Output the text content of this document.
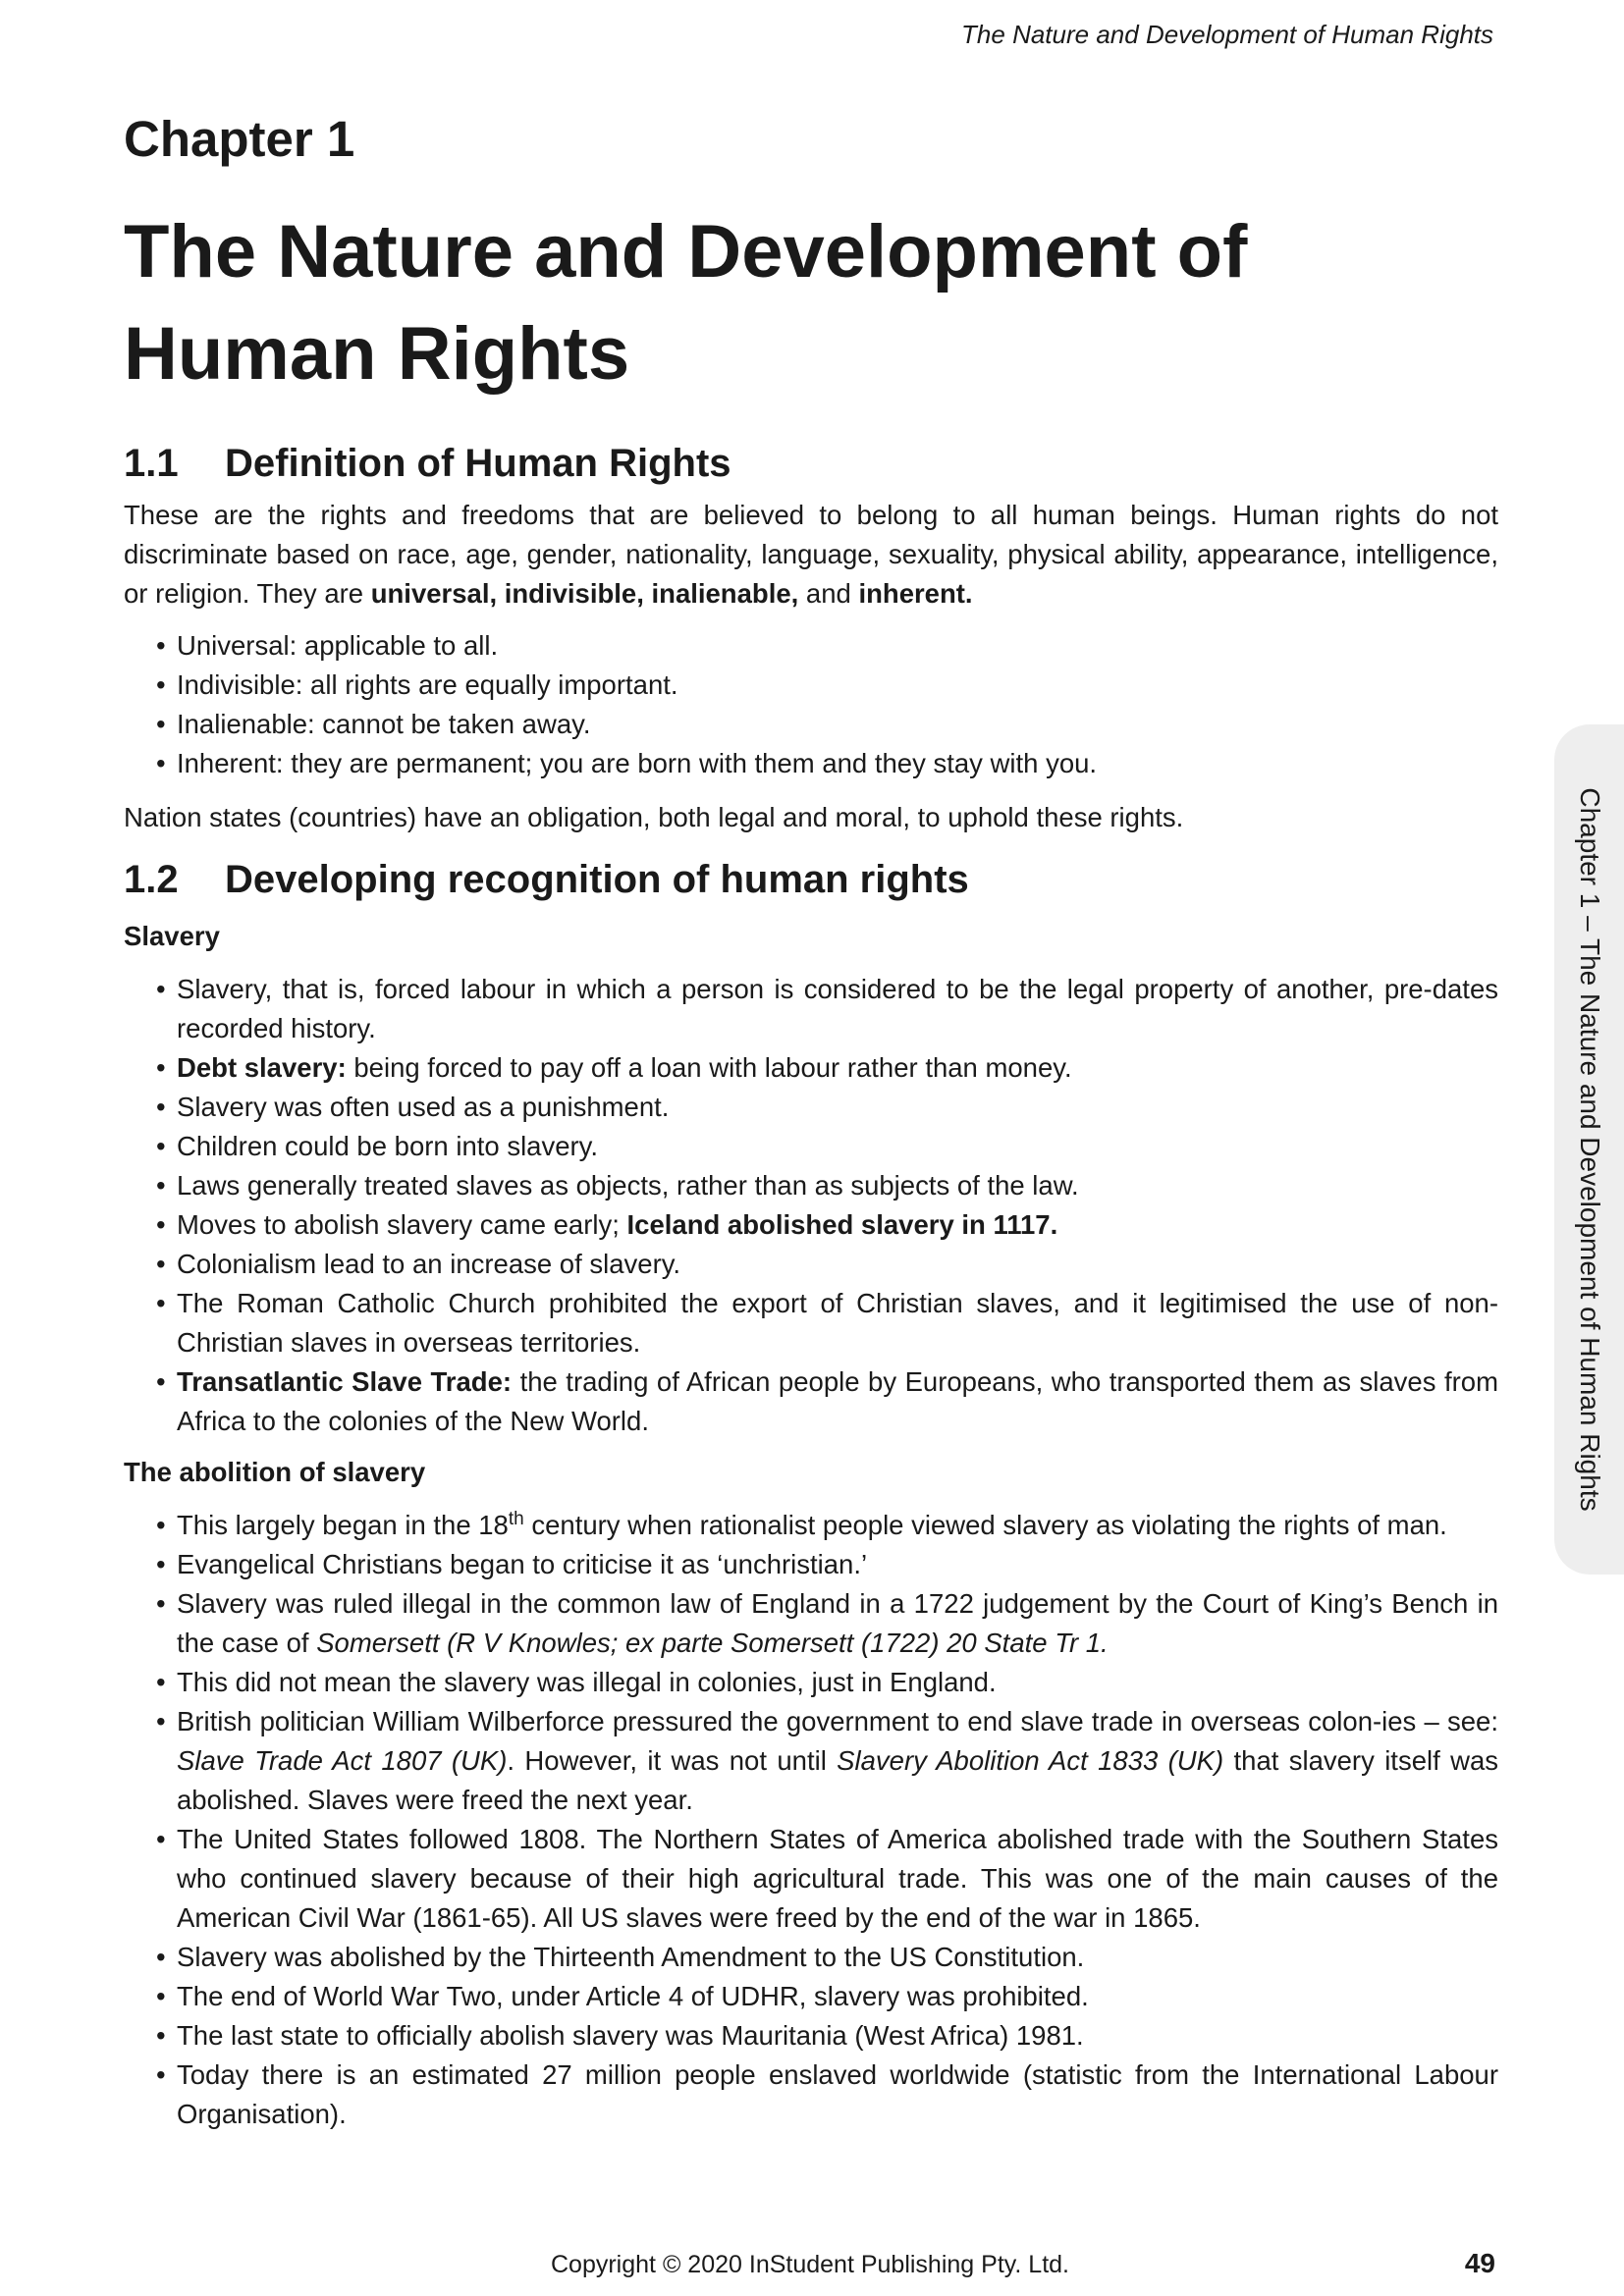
The Nature and Development of Human Rights
Chapter 1
The Nature and Development of Human Rights
1.1 Definition of Human Rights

These are the rights and freedoms that are believed to belong to all human beings. Human rights do not discriminate based on race, age, gender, nationality, language, sexuality, physical ability, appearance, intelligence, or religion. They are universal, indivisible, inalienable, and inherent.

• Universal: applicable to all.
• Indivisible: all rights are equally important.
• Inalienable: cannot be taken away.
• Inherent: they are permanent; you are born with them and they stay with you.

Nation states (countries) have an obligation, both legal and moral, to uphold these rights.

1.2 Developing recognition of human rights

Slavery

• Slavery, that is, forced labour in which a person is considered to be the legal property of another, pre-dates recorded history.
• Debt slavery: being forced to pay off a loan with labour rather than money.
• Slavery was often used as a punishment.
• Children could be born into slavery.
• Laws generally treated slaves as objects, rather than as subjects of the law.
• Moves to abolish slavery came early; Iceland abolished slavery in 1117.
• Colonialism lead to an increase of slavery.
• The Roman Catholic Church prohibited the export of Christian slaves, and it legitimised the use of non-Christian slaves in overseas territories.
• Transatlantic Slave Trade: the trading of African people by Europeans, who transported them as slaves from Africa to the colonies of the New World.

The abolition of slavery

• This largely began in the 18th century when rationalist people viewed slavery as violating the rights of man.
• Evangelical Christians began to criticise it as ‘unchristian.’
• Slavery was ruled illegal in the common law of England in a 1722 judgement by the Court of King’s Bench in the case of Somersett (R V Knowles; ex parte Somersett (1722) 20 State Tr 1.
• This did not mean the slavery was illegal in colonies, just in England.
• British politician William Wilberforce pressured the government to end slave trade in overseas colon-ies – see: Slave Trade Act 1807 (UK). However, it was not until Slavery Abolition Act 1833 (UK) that slavery itself was abolished. Slaves were freed the next year.
• The United States followed 1808. The Northern States of America abolished trade with the Southern States who continued slavery because of their high agricultural trade. This was one of the main causes of the American Civil War (1861-65). All US slaves were freed by the end of the war in 1865.
• Slavery was abolished by the Thirteenth Amendment to the US Constitution.
• The end of World War Two, under Article 4 of UDHR, slavery was prohibited.
• The last state to officially abolish slavery was Mauritania (West Africa) 1981.
• Today there is an estimated 27 million people enslaved worldwide (statistic from the International Labour Organisation).
Chapter 1 – The Nature and Development of Human Rights
Copyright © 2020 InStudent Publishing Pty. Ltd.	49
